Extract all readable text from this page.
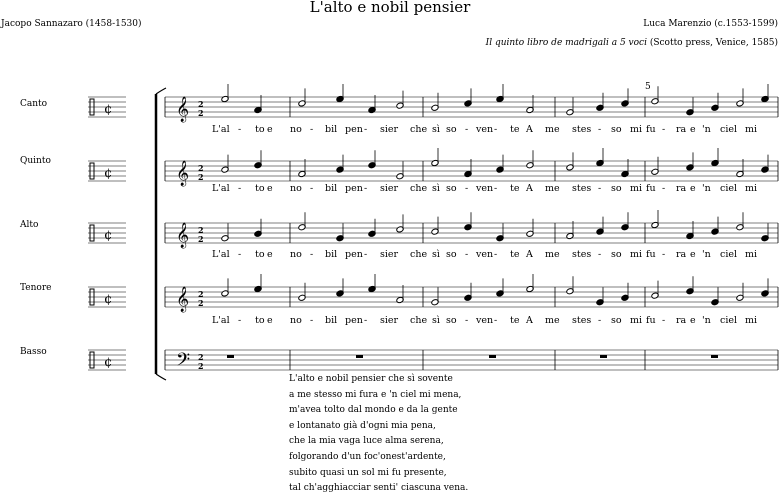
L'alto e nobil pensier
Jacopo Sannazaro (1458-1530)	Luca Marenzio (c.1553-1599)
Il quinto libro de madrigali a 5 voci (Scotto press, Venice, 1585)
¢
¢
¢
¢
¢
2
2
𝄞
2
2
𝄞
2
2
𝄞
2
2
𝄞
2
2
𝄢
5
Canto
Quinto
Alto
Tenore
Basso
L'al - to e no - bil pen - sier che sì so - ven - te A me stes - so mi fu - ra e 'n ciel mi
L'al - to e no - bil pen - sier che sì so - ven - te A me stes - so mi fu - ra e 'n ciel mi
L'al - to e no - bil pen - sier che sì so - ven - te A me stes - so mi fu - ra e 'n ciel mi
L'al - to e no - bil pen - sier che sì so - ven - te A me stes - so mi fu - ra e 'n ciel mi
L'alto e nobil pensier che sì sovente
a me stesso mi fura e 'n ciel mi mena,
m'avea tolto dal mondo e da la gente
e lontanato già d'ogni mia pena,
che la mia vaga luce alma serena,
folgorando d'un foc'onest'ardente,
subito quasi un sol mi fu presente,
tal ch'agghiacciar senti' ciascuna vena.
